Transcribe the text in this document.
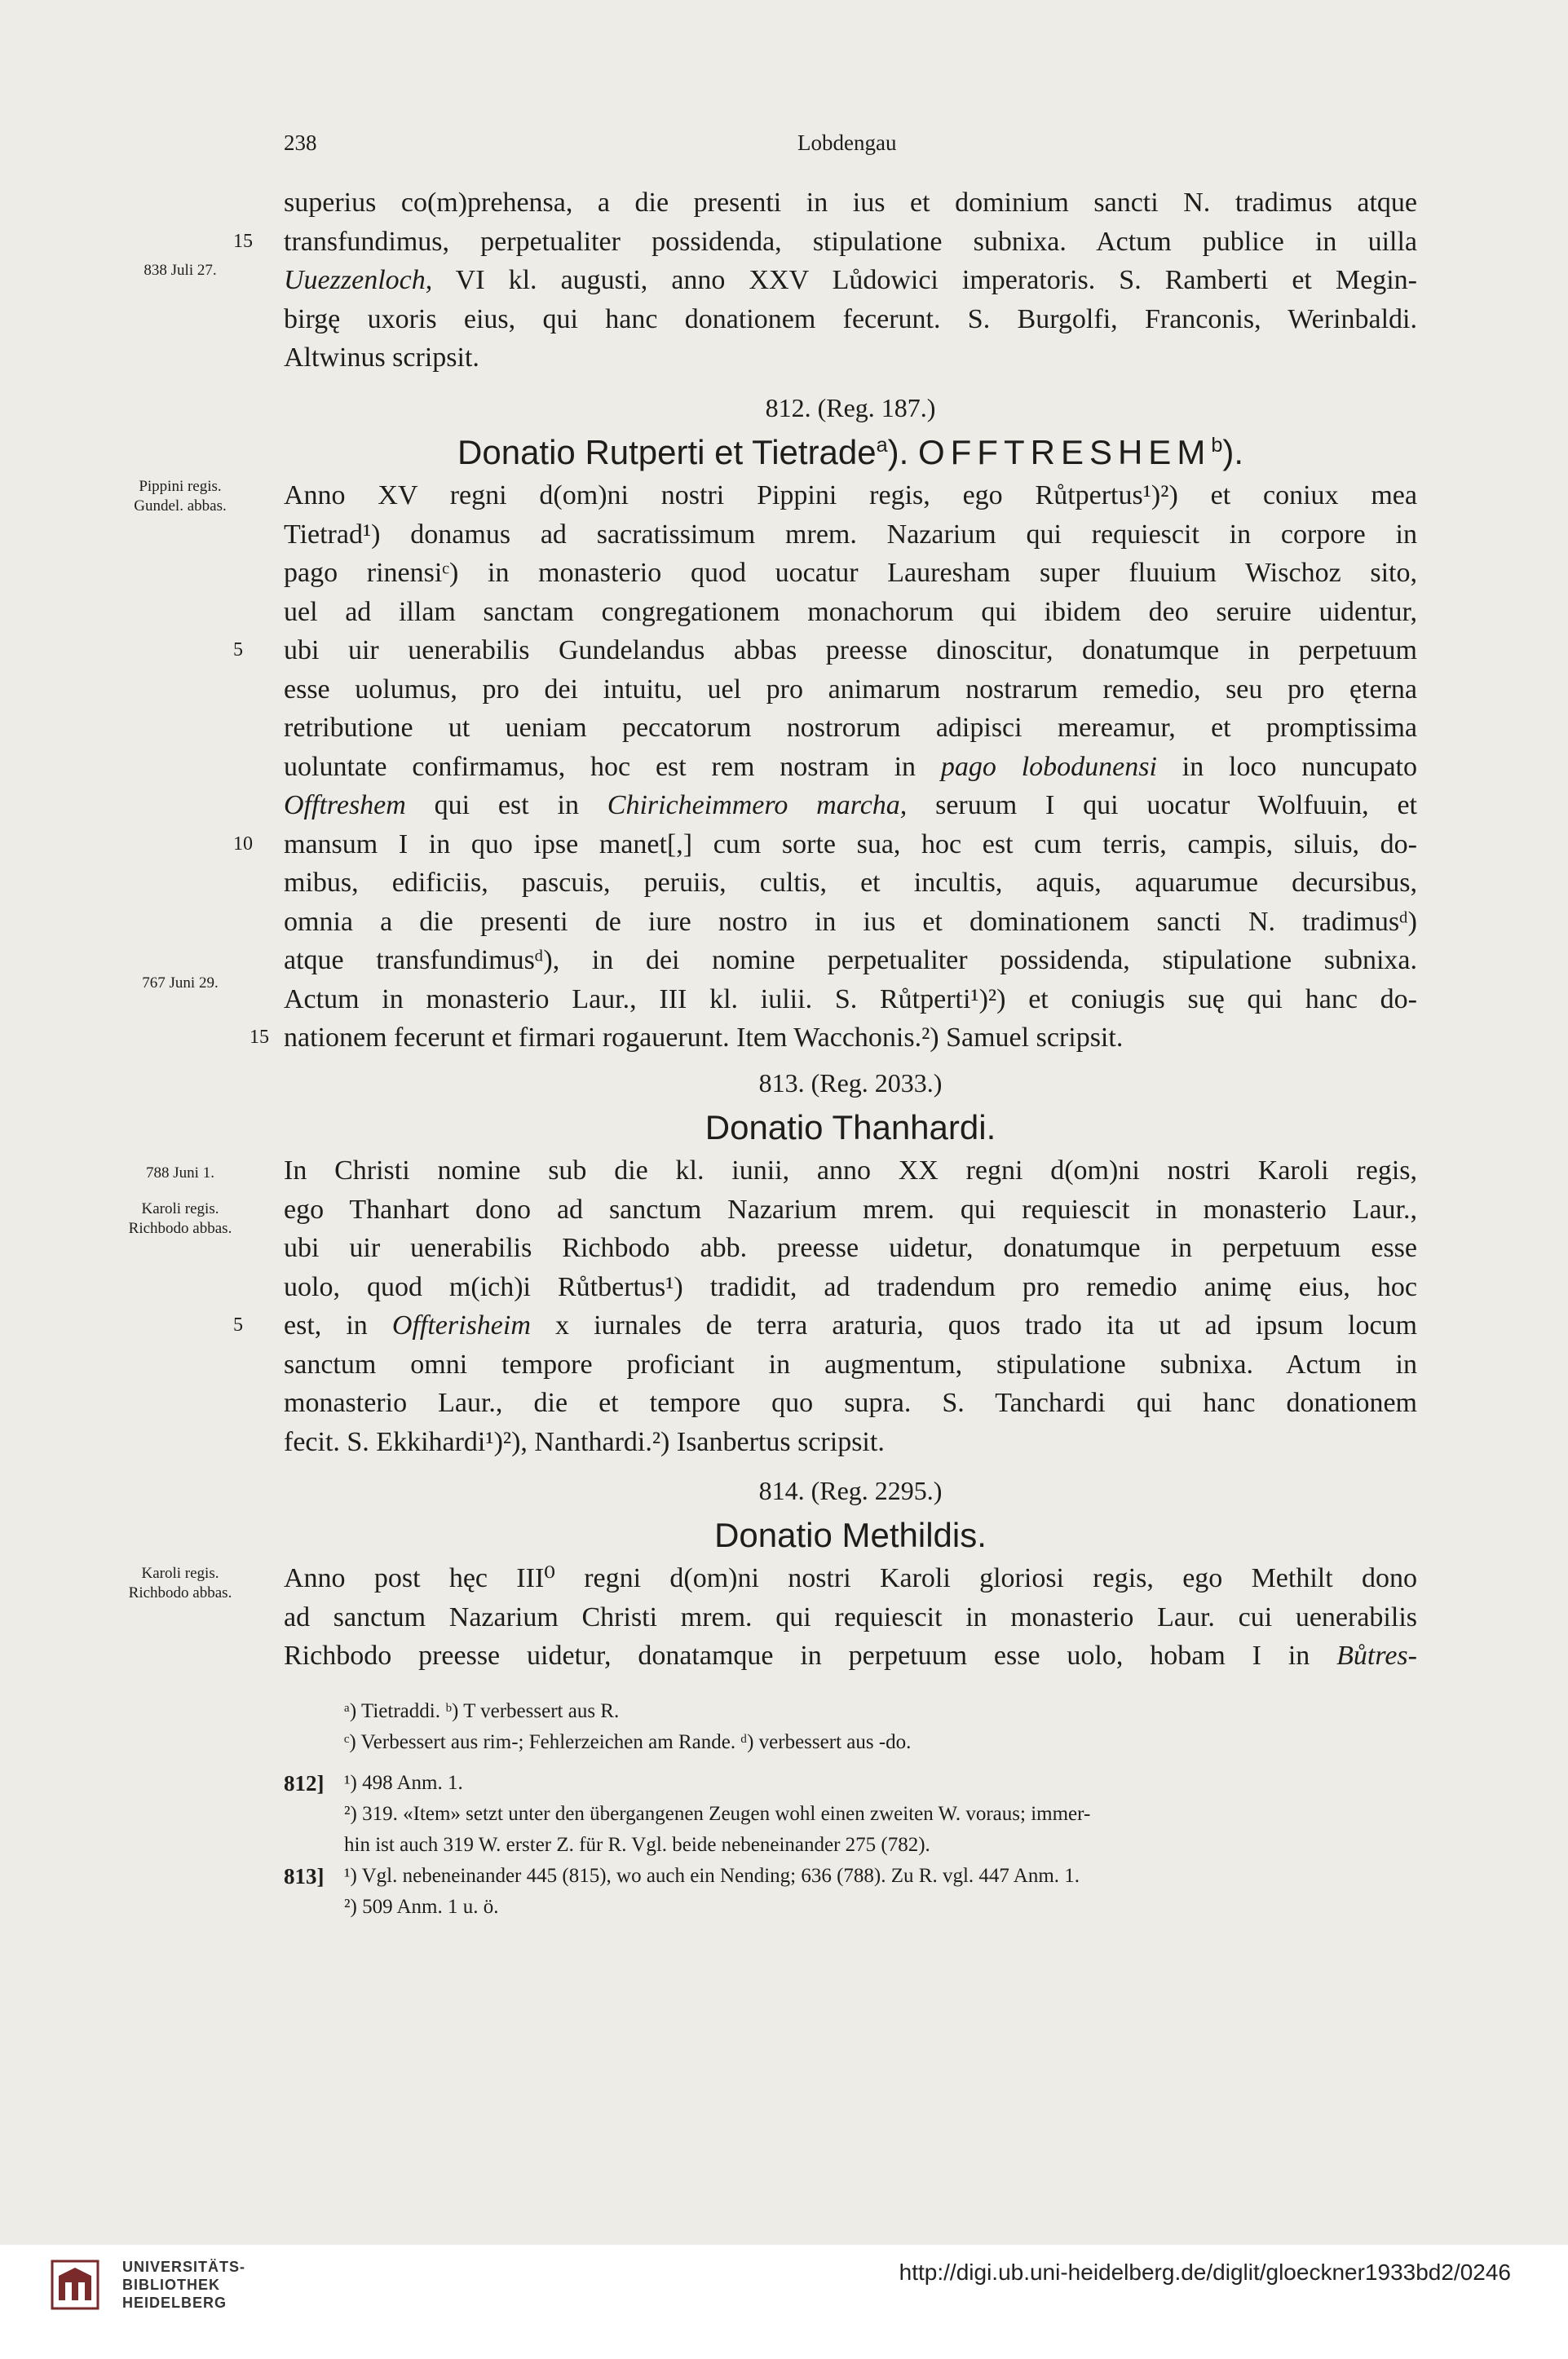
238	Lobdengau
superius co(m)prehensa, a die presenti in ius et dominium sancti N. tradimus atque
15	transfundimus, perpetualiter possidenda, stipulatione subnixa. Actum publice in uilla
Uuezzenloch, VI kl. augusti, anno XXV Lůdowici imperatoris. S. Ramberti et Megin-
birgę uxoris eius, qui hanc donationem fecerunt. S. Burgolfi, Franconis, Werinbaldi.
Altwinus scripsit.
838 Juli 27.
812. (Reg. 187.)
Donatio Rutperti et Tietrade$^a$). OFFTRESHEM$^b$).
Anno XV regni d(om)ni nostri Pippini regis, ego Růtpertus¹)²) et coniux mea
Tietrad¹) donamus ad sacratissimum mrem. Nazarium qui requiescit in corpore in
pago rinensiᶜ) in monasterio quod uocatur Lauresham super fluuium Wischoz sito,
uel ad illam sanctam congregationem monachorum qui ibidem deo seruire uidentur,
5	ubi uir uenerabilis Gundelandus abbas preesse dinoscitur, donatumque in perpetuum
esse uolumus, pro dei intuitu, uel pro animarum nostrarum remedio, seu pro ęterna
retributione ut ueniam peccatorum nostrorum adipisci mereamur, et promptissima
uoluntate confirmamus, hoc est rem nostram in pago lobodunensi in loco nuncupato
Offtreshem qui est in Chiricheimmero marcha, seruum I qui uocatur Wolfuuin, et
10	mansum I in quo ipse manet[,] cum sorte sua, hoc est cum terris, campis, siluis, do-
mibus, edificiis, pascuis, peruiis, cultis, et incultis, aquis, aquarumue decursibus,
omnia a die presenti de iure nostro in ius et dominationem sancti N. tradimusᵈ)
atque transfundimusᵈ), in dei nomine perpetualiter possidenda, stipulatione subnixa.
Actum in monasterio Laur., III kl. iulii. S. Růtperti¹)²) et coniugis suę qui hanc do-
15 nationem fecerunt et firmari rogauerunt. Item Wacchonis.²) Samuel scripsit.
Pippini regis.
Gundel. abbas.
767 Juni 29.
813. (Reg. 2033.)
Donatio Thanhardi.
In Christi nomine sub die kl. iunii, anno XX regni d(om)ni nostri Karoli regis,
ego Thanhart dono ad sanctum Nazarium mrem. qui requiescit in monasterio Laur.,
ubi uir uenerabilis Richbodo abb. preesse uidetur, donatumque in perpetuum esse
uolo, quod m(ich)i Růtbertus¹) tradidit, ad tradendum pro remedio animę eius, hoc
5	est, in Offterisheim x iurnales de terra araturia, quos trado ita ut ad ipsum locum
sanctum omni tempore proficiant in augmentum, stipulatione subnixa. Actum in
monasterio Laur., die et tempore quo supra. S. Tanchardi qui hanc donationem
fecit. S. Ekkihardi¹)²), Nanthardi.²) Isanbertus scripsit.
788 Juni 1.
Karoli regis.
Richbodo abbas.
814. (Reg. 2295.)
Donatio Methildis.
Anno post hęc III⁰ regni d(om)ni nostri Karoli gloriosi regis, ego Methilt dono
ad sanctum Nazarium Christi mrem. qui requiescit in monasterio Laur. cui uenerabilis
Richbodo preesse uidetur, donatamque in perpetuum esse uolo, hobam I in Bůtres-
Karoli regis.
Richbodo abbas.
ᵃ) Tietraddi. ᵇ) T verbessert aus R.
ᶜ) Verbessert aus rim-; Fehlerzeichen am Rande. ᵈ) verbessert aus -do.
812] ¹) 498 Anm. 1.
²) 319. «Item» setzt unter den übergangenen Zeugen wohl einen zweiten W. voraus; immer-
hin ist auch 319 W. erster Z. für R. Vgl. beide nebeneinander 275 (782).
813] ¹) Vgl. nebeneinander 445 (815), wo auch ein Nending; 636 (788). Zu R. vgl. 447 Anm. 1.
²) 509 Anm. 1 u. ö.
UNIVERSITÄTS-
BIBLIOTHEK
HEIDELBERG
http://digi.ub.uni-heidelberg.de/diglit/gloeckner1933bd2/0246
